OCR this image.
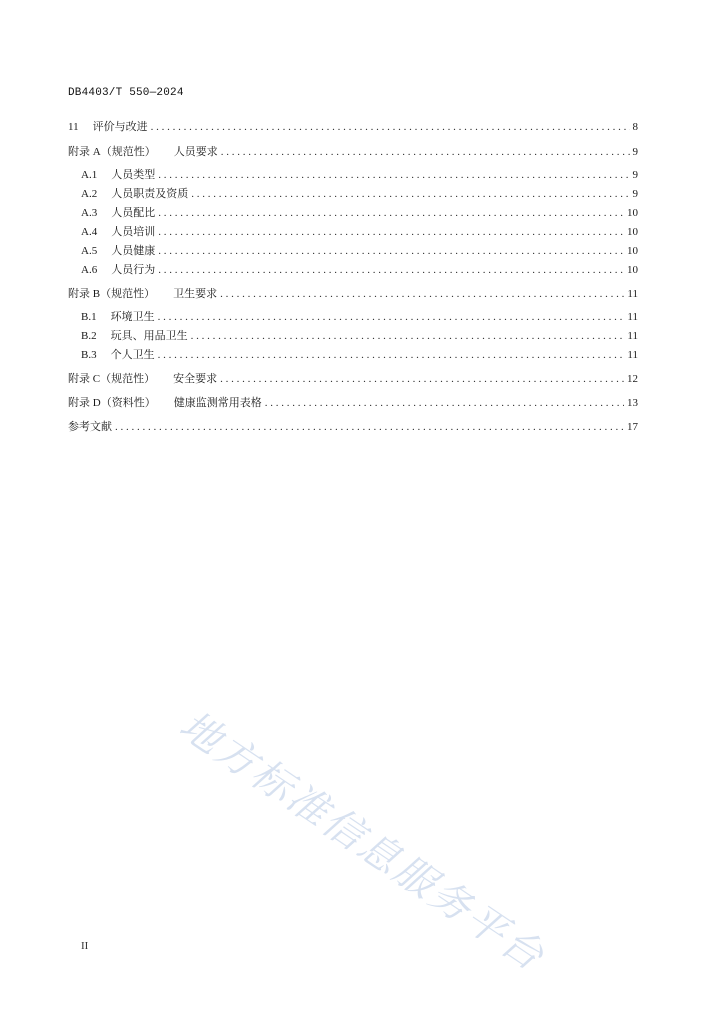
DB4403/T 550—2024
11 评价与改进 . . .	8
附录 A（规范性） 人员要求 . . .	9
A.1 人员类型 . . .	9
A.2 人员职责及资质 . . .	9
A.3 人员配比 . . .	10
A.4 人员培训 . . .	10
A.5 人员健康 . . .	10
A.6 人员行为 . . .	10
附录 B（规范性） 卫生要求 . . .	11
B.1 环境卫生 . . .	11
B.2 玩具、用品卫生 . . .	11
B.3 个人卫生 . . .	11
附录 C（规范性） 安全要求 . . .	12
附录 D（资料性） 健康监测常用表格 . . .	13
参考文献 . . .	17
地方标准信息服务平台
II
